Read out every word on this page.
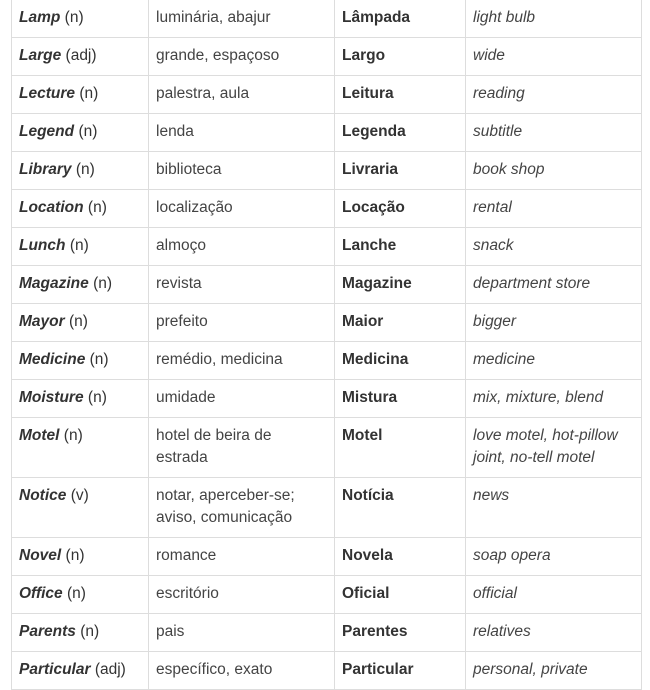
Lamp (n)	luminária, abajur	Lâmpada	light bulb
Large (adj)	grande, espaçoso	Largo	wide
Lecture (n)	palestra, aula	Leitura	reading
Legend (n)	lenda	Legenda	subtitle
Library (n)	biblioteca	Livraria	book shop
Location (n)	localização	Locação	rental
Lunch (n)	almoço	Lanche	snack
Magazine (n)	revista	Magazine	department store
Mayor (n)	prefeito	Maior	bigger
Medicine (n)	remédio, medicina	Medicina	medicine
Moisture (n)	umidade	Mistura	mix, mixture, blend
Motel (n)	hotel de beira de estrada	Motel	love motel, hot-pillow joint, no-tell motel
Notice (v)	notar, aperceber-se; aviso, comunicação	Notícia	news
Novel (n)	romance	Novela	soap opera
Office (n)	escritório	Oficial	official
Parents (n)	pais	Parentes	relatives
Particular (adj)	específico, exato	Particular	personal, private
